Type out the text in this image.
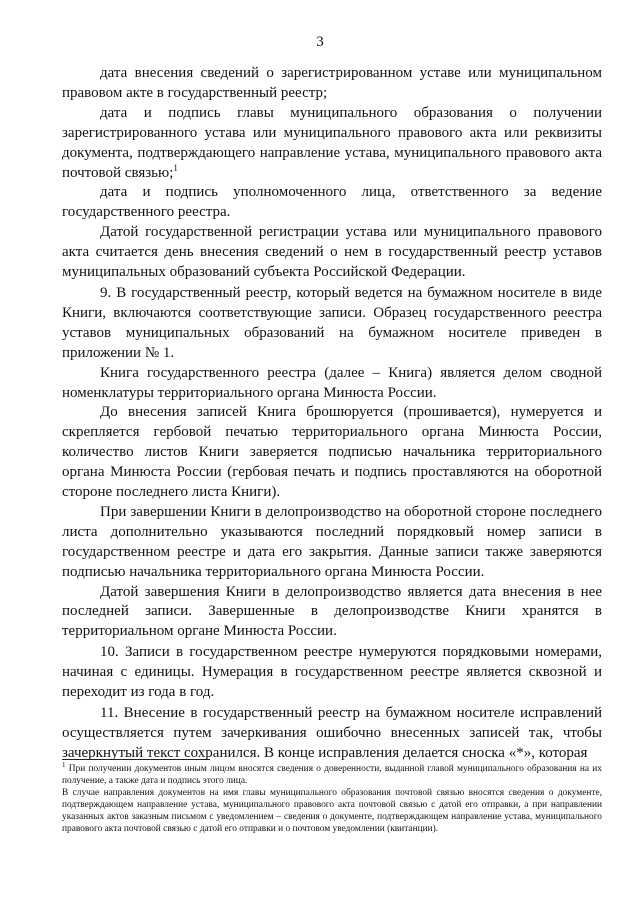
3

дата внесения сведений о зарегистрированном уставе или муниципальном правовом акте в государственный реестр;

дата и подпись главы муниципального образования о получении зарегистрированного устава или муниципального правового акта или реквизиты документа, подтверждающего направление устава, муниципального правового акта почтовой связью;$^1$

дата и подпись уполномоченного лица, ответственного за ведение государственного реестра.

Датой государственной регистрации устава или муниципального правового акта считается день внесения сведений о нем в государственный реестр уставов муниципальных образований субъекта Российской Федерации.

9. В государственный реестр, который ведется на бумажном носителе в виде Книги, включаются соответствующие записи. Образец государственного реестра уставов муниципальных образований на бумажном носителе приведен в приложении № 1.

Книга государственного реестра (далее – Книга) является делом сводной номенклатуры территориального органа Минюста России.

До внесения записей Книга брошюруется (прошивается), нумеруется и скрепляется гербовой печатью территориального органа Минюста России, количество листов Книги заверяется подписью начальника территориального органа Минюста России (гербовая печать и подпись проставляются на оборотной стороне последнего листа Книги).

При завершении Книги в делопроизводство на оборотной стороне последнего листа дополнительно указываются последний порядковый номер записи в государственном реестре и дата его закрытия. Данные записи также заверяются подписью начальника территориального органа Минюста России.

Датой завершения Книги в делопроизводство является дата внесения в нее последней записи. Завершенные в делопроизводстве Книги хранятся в территориальном органе Минюста России.

10. Записи в государственном реестре нумеруются порядковыми номерами, начиная с единицы. Нумерация в государственном реестре является сквозной и переходит из года в год.

11. Внесение в государственный реестр на бумажном носителе исправлений осуществляется путем зачеркивания ошибочно внесенных записей так, чтобы зачеркнутый текст сохранился. В конце исправления делается сноска «*», которая

$^1$ При получении документов иным лицом вносятся сведения о доверенности, выданной главой муниципального образования на их получение, а также дата и подпись этого лица.

В случае направления документов на имя главы муниципального образования почтовой связью вносятся сведения о документе, подтверждающем направление устава, муниципального правового акта почтовой связью с датой его отправки, а при направлении указанных актов заказным письмом с уведомлением – сведения о документе, подтверждающем направление устава, муниципального правового акта почтовой связью с датой его отправки и о почтовом уведомлении (квитанции).
